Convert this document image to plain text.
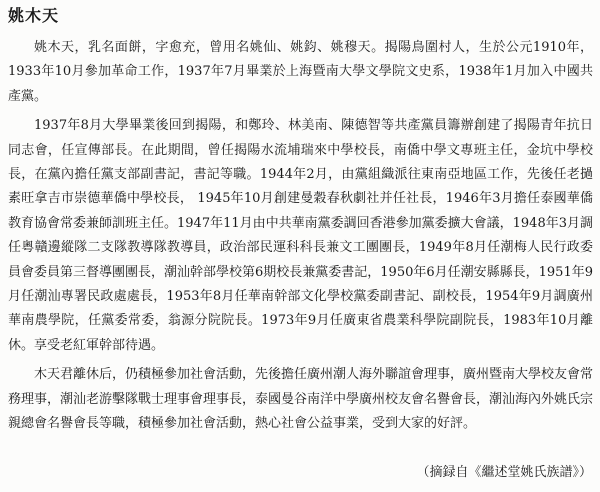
姚木天

姚木天，乳名面餅，字愈充，曾用名姚仙、姚鈞、姚穆天。揭陽鳥圍村人，生於公元1910年，1933年10月參加革命工作，1937年7月畢業於上海暨南大學文學院文史系，1938年1月加入中國共產黨。

1937年8月大學畢業後回到揭陽，和鄭玲、林美南、陳德智等共產黨員籌辦創建了揭陽青年抗日同志會，任宣傳部長。在此期間，曾任揭陽水流埔瑞來中學校長，南僑中學文專班主任，金坑中學校長，在黨內擔任黨支部副書記，書記等職。1944年2月，由黨組織派往東南亞地區工作，先後任老撾素旺拿吉市崇德華僑中學校長， 1945年10月創建曼穀春秋劇社并任社長，1946年3月擔任泰國華僑教育協會常委兼師訓班主任。1947年11月由中共華南黨委調回香港參加黨委擴大會議，1948年3月調任粵贛邊縱隊二支隊教導隊教導員，政治部民運科科長兼文工團團長，1949年8月任潮梅人民行政委員會委員第三督導團團長，潮汕幹部學校第6期校長兼黨委書記，1950年6月任潮安縣縣長，1951年9月任潮汕專署民政處處長，1953年8月任華南幹部文化學校黨委副書記、副校長，1954年9月調廣州華南農學院，任黨委常委，翁源分院院長。1973年9月任廣東省農業科學院副院長，1983年10月離休。享受老紅軍幹部待遇。

木天君離休后，仍積極參加社會活動，先後擔任廣州潮人海外聯誼會理事，廣州暨南大學校友會常務理事，潮汕老游擊隊戰士理事會理事長，泰國曼谷南洋中學廣州校友會名譽會長，潮汕海內外姚氏宗親總會名譽會長等職，積極參加社會活動，熱心社會公益事業，受到大家的好評。

（摘録自《繼述堂姚氏族譜》）
